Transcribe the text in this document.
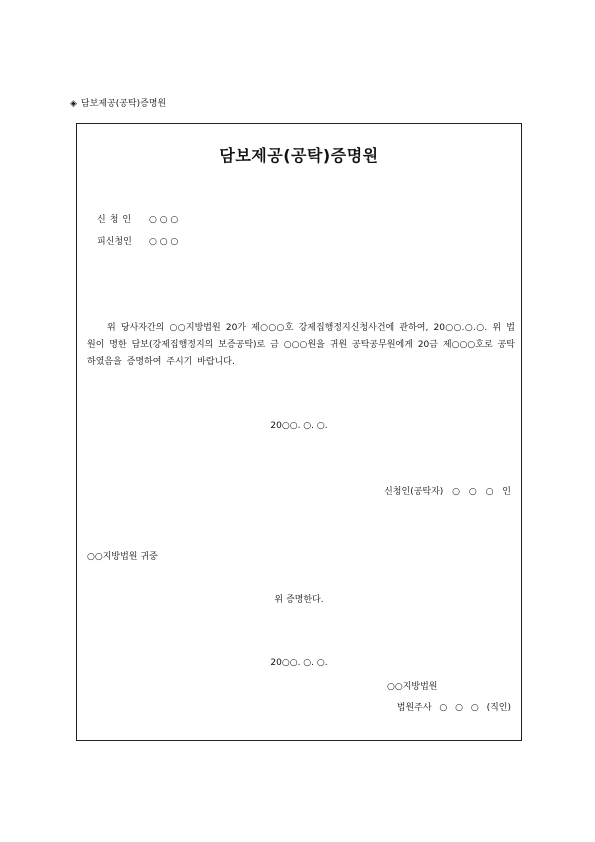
◈ 담보제공(공탁)증명원
담보제공(공탁)증명원
신청인 ○ ○ ○
피신청인 ○ ○ ○
위 당사자간의 ○○지방법원 20가 제○○○호 강제집행정지신청사건에 관하여, 20○○.○.○. 위 법원이 명한 담보(강제집행정지의 보증공탁)로 금 ○○○원을 귀원 공탁공무원에게 20금 제○○○호로 공탁하였음을 증명하여 주시기 바랍니다.
20○○. ○. ○.
신청인(공탁자) ○ ○ ○ 인
○○지방법원 귀중
위 증명한다.
20○○. ○. ○.
○○지방법원
법원주사 ○ ○ ○ (직인)
